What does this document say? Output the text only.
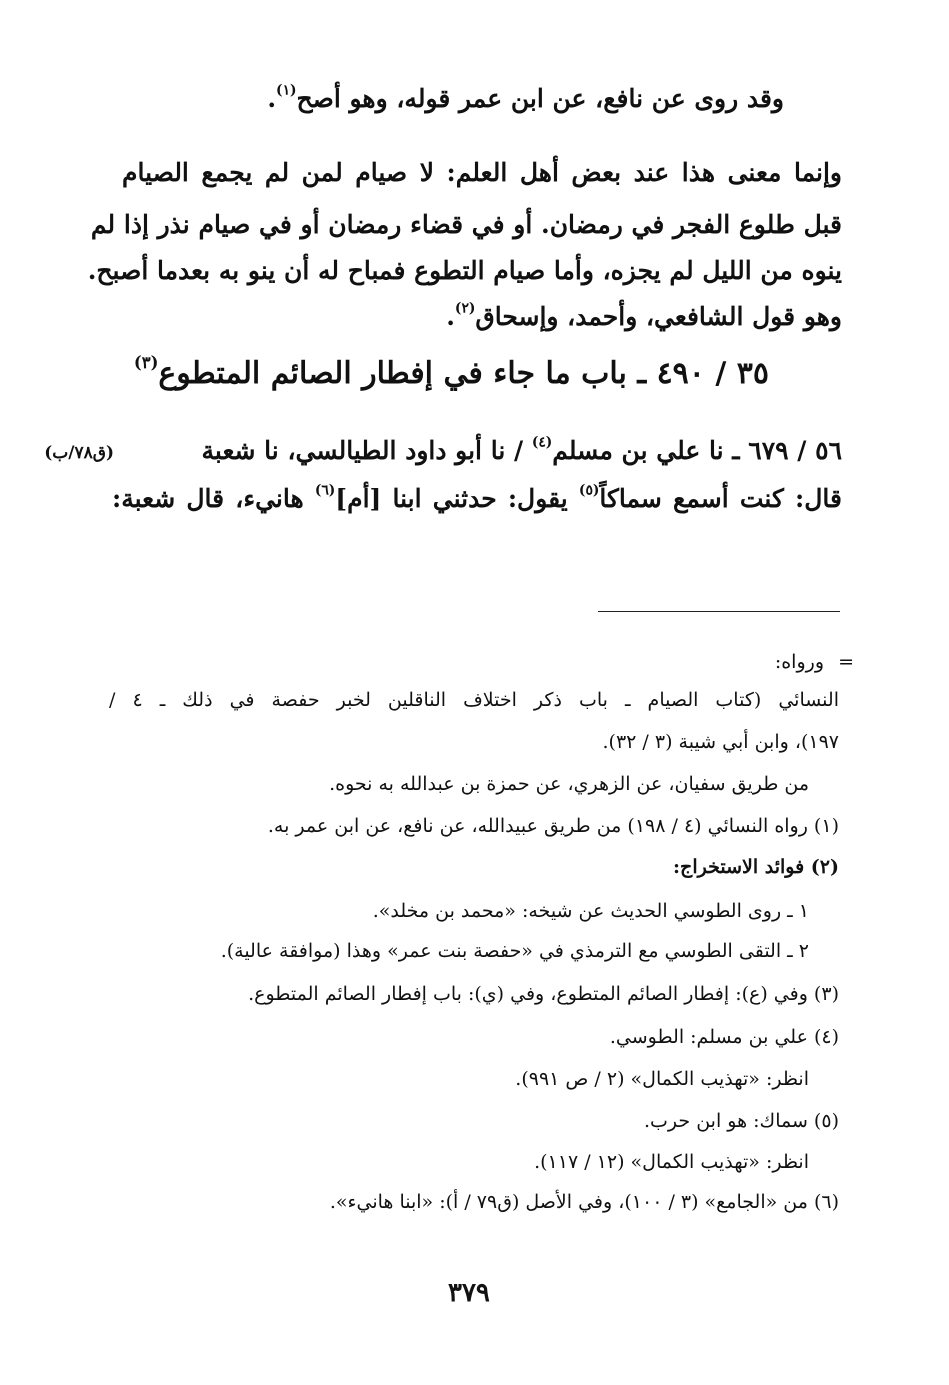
وقد روى عن نافع، عن ابن عمر قوله، وهو أصح$^{(١)}$.
وإنما معنى هذا عند بعض أهل العلم: لا صيام لمن لم يجمع الصيام
قبل طلوع الفجر في رمضان. أو في قضاء رمضان أو في صيام نذر إذا لم
ينوه من الليل لم يجزه، وأما صيام التطوع فمباح له أن ينو به بعدما أصبح.
وهو قول الشافعي، وأحمد، وإسحاق$^{(٢)}$.
٣٥ / ٤٩٠ ـ باب ما جاء في إفطار الصائم المتطوع$^{(٣)}$
٥٦ / ٦٧٩ ـ نا علي بن مسلم$^{(٤)}$ / نا أبو داود الطيالسي، نا شعبة
(ق٧٨/ب)
قال: كنت أسمع سماكاً$^{(٥)}$ يقول: حدثني ابنا [أم]$^{(٦)}$ هانيء، قال شعبة:
=
ورواه:
النسائي (كتاب الصيام ـ باب ذكر اختلاف الناقلين لخبر حفصة في ذلك ـ ٤ /
١٩٧)، وابن أبي شيبة (٣ / ٣٢).
من طريق سفيان، عن الزهري، عن حمزة بن عبدالله به نحوه.
(١) رواه النسائي (٤ / ١٩٨) من طريق عبيدالله، عن نافع، عن ابن عمر به.
(٢) فوائد الاستخراج:
١ ـ روى الطوسي الحديث عن شيخه: «محمد بن مخلد».
٢ ـ التقى الطوسي مع الترمذي في «حفصة بنت عمر» وهذا (موافقة عالية).
(٣) وفي (ع): إفطار الصائم المتطوع، وفي (ي): باب إفطار الصائم المتطوع.
(٤) علي بن مسلم: الطوسي.
انظر: «تهذيب الكمال» (٢ / ص ٩٩١).
(٥) سماك: هو ابن حرب.
انظر: «تهذيب الكمال» (١٢ / ١١٧).
(٦) من «الجامع» (٣ / ١٠٠)، وفي الأصل (ق٧٩ / أ): «ابنا هانيء».
٣٧٩
